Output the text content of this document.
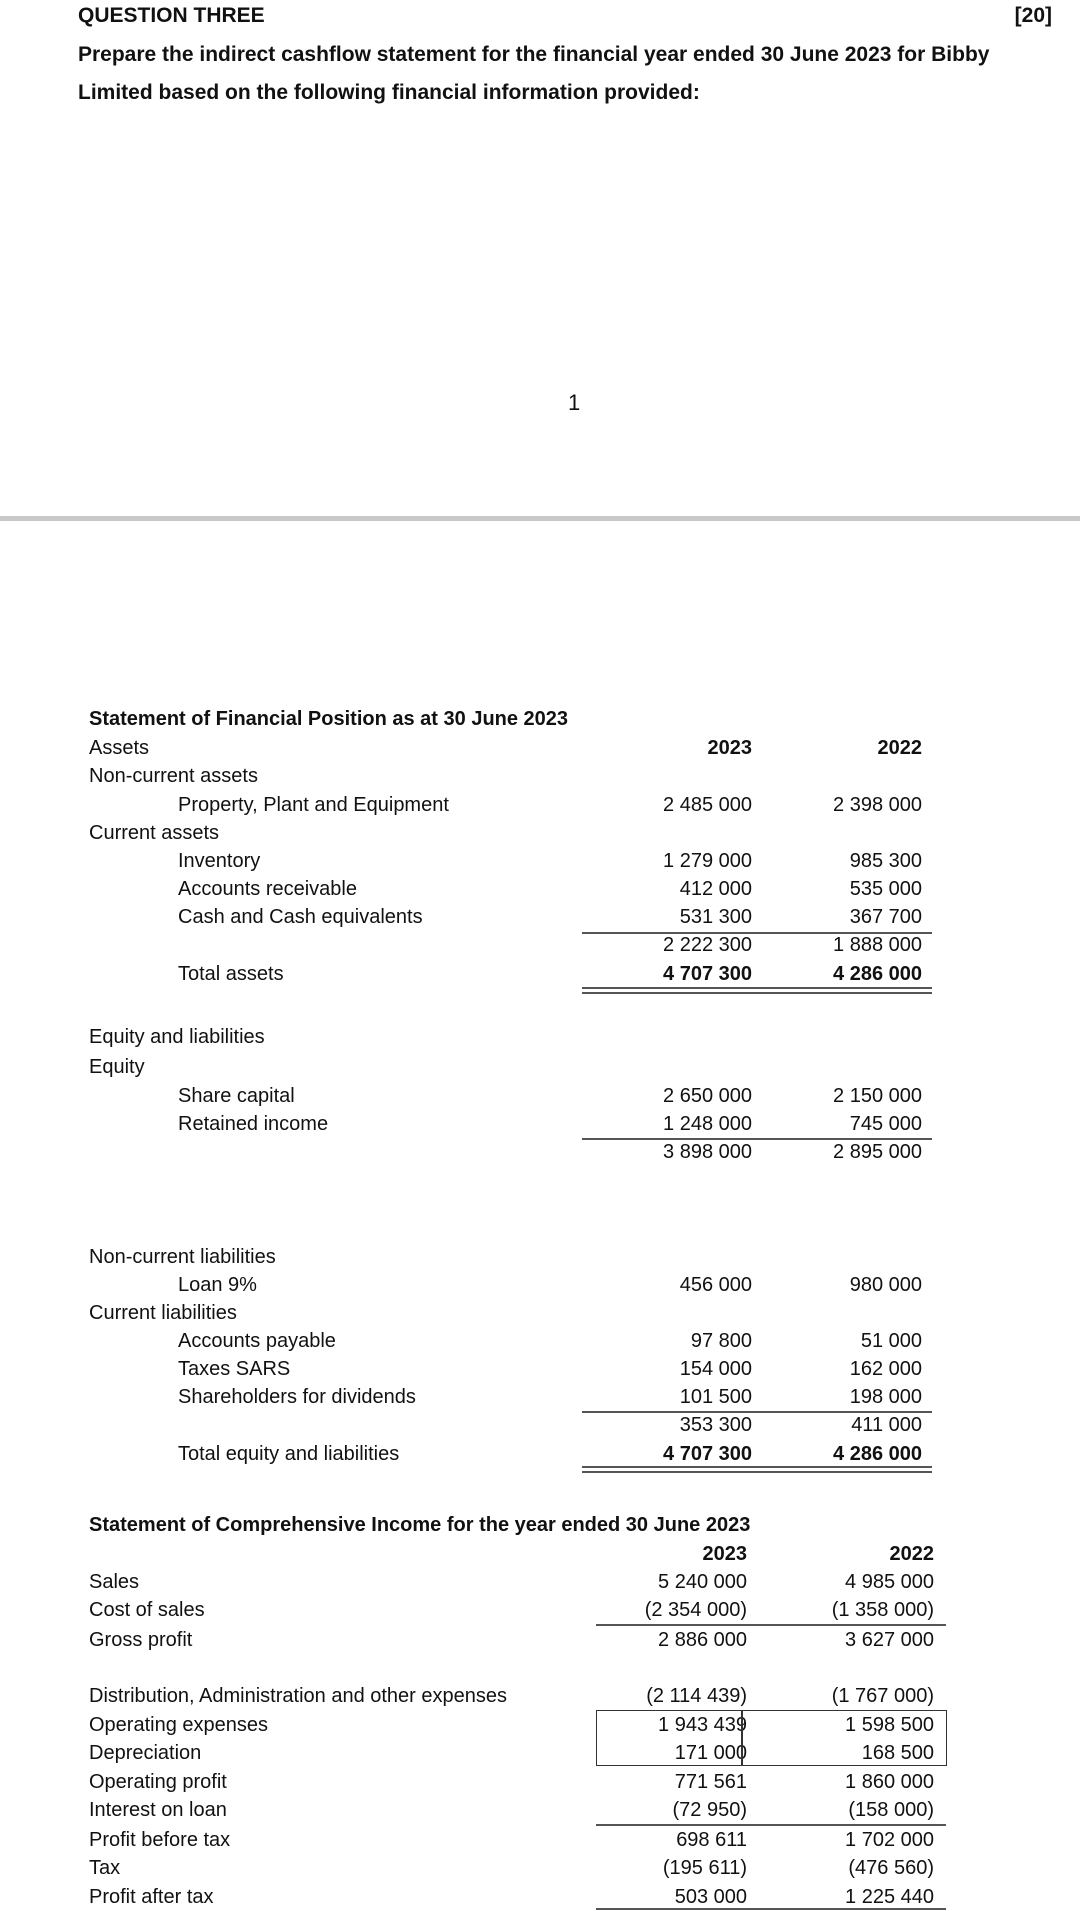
QUESTION THREE	[20]
Prepare the indirect cashflow statement for the financial year ended 30 June 2023 for Bibby
Limited based on the following financial information provided:
1
Statement of Financial Position as at 30 June 2023
2023	2022
Assets
Non-current assets
Property, Plant and Equipment	2 485 000	2 398 000
Current assets
Inventory	1 279 000	985 300
Accounts receivable	412 000	535 000
Cash and Cash equivalents	531 300	367 700
2 222 300	1 888 000
Total assets	4 707 300	4 286 000
Equity and liabilities
Equity
Share capital	2 650 000	2 150 000
Retained income	1 248 000	745 000
3 898 000	2 895 000
Non-current liabilities
Loan 9%	456 000	980 000
Current liabilities
Accounts payable	97 800	51 000
Taxes SARS	154 000	162 000
Shareholders for dividends	101 500	198 000
353 300	411 000
Total equity and liabilities	4 707 300	4 286 000
Statement of Comprehensive Income for the year ended 30 June 2023
2023	2022
Sales	5 240 000	4 985 000
Cost of sales	(2 354 000)	(1 358 000)
Gross profit	2 886 000	3 627 000
Distribution, Administration and other expenses	(2 114 439)	(1 767 000)
Operating expenses	1 943 439	1 598 500
Depreciation	171 000	168 500
Operating profit	771 561	1 860 000
Interest on loan	(72 950)	(158 000)
Profit before tax	698 611	1 702 000
Tax	(195 611)	(476 560)
Profit after tax	503 000	1 225 440
